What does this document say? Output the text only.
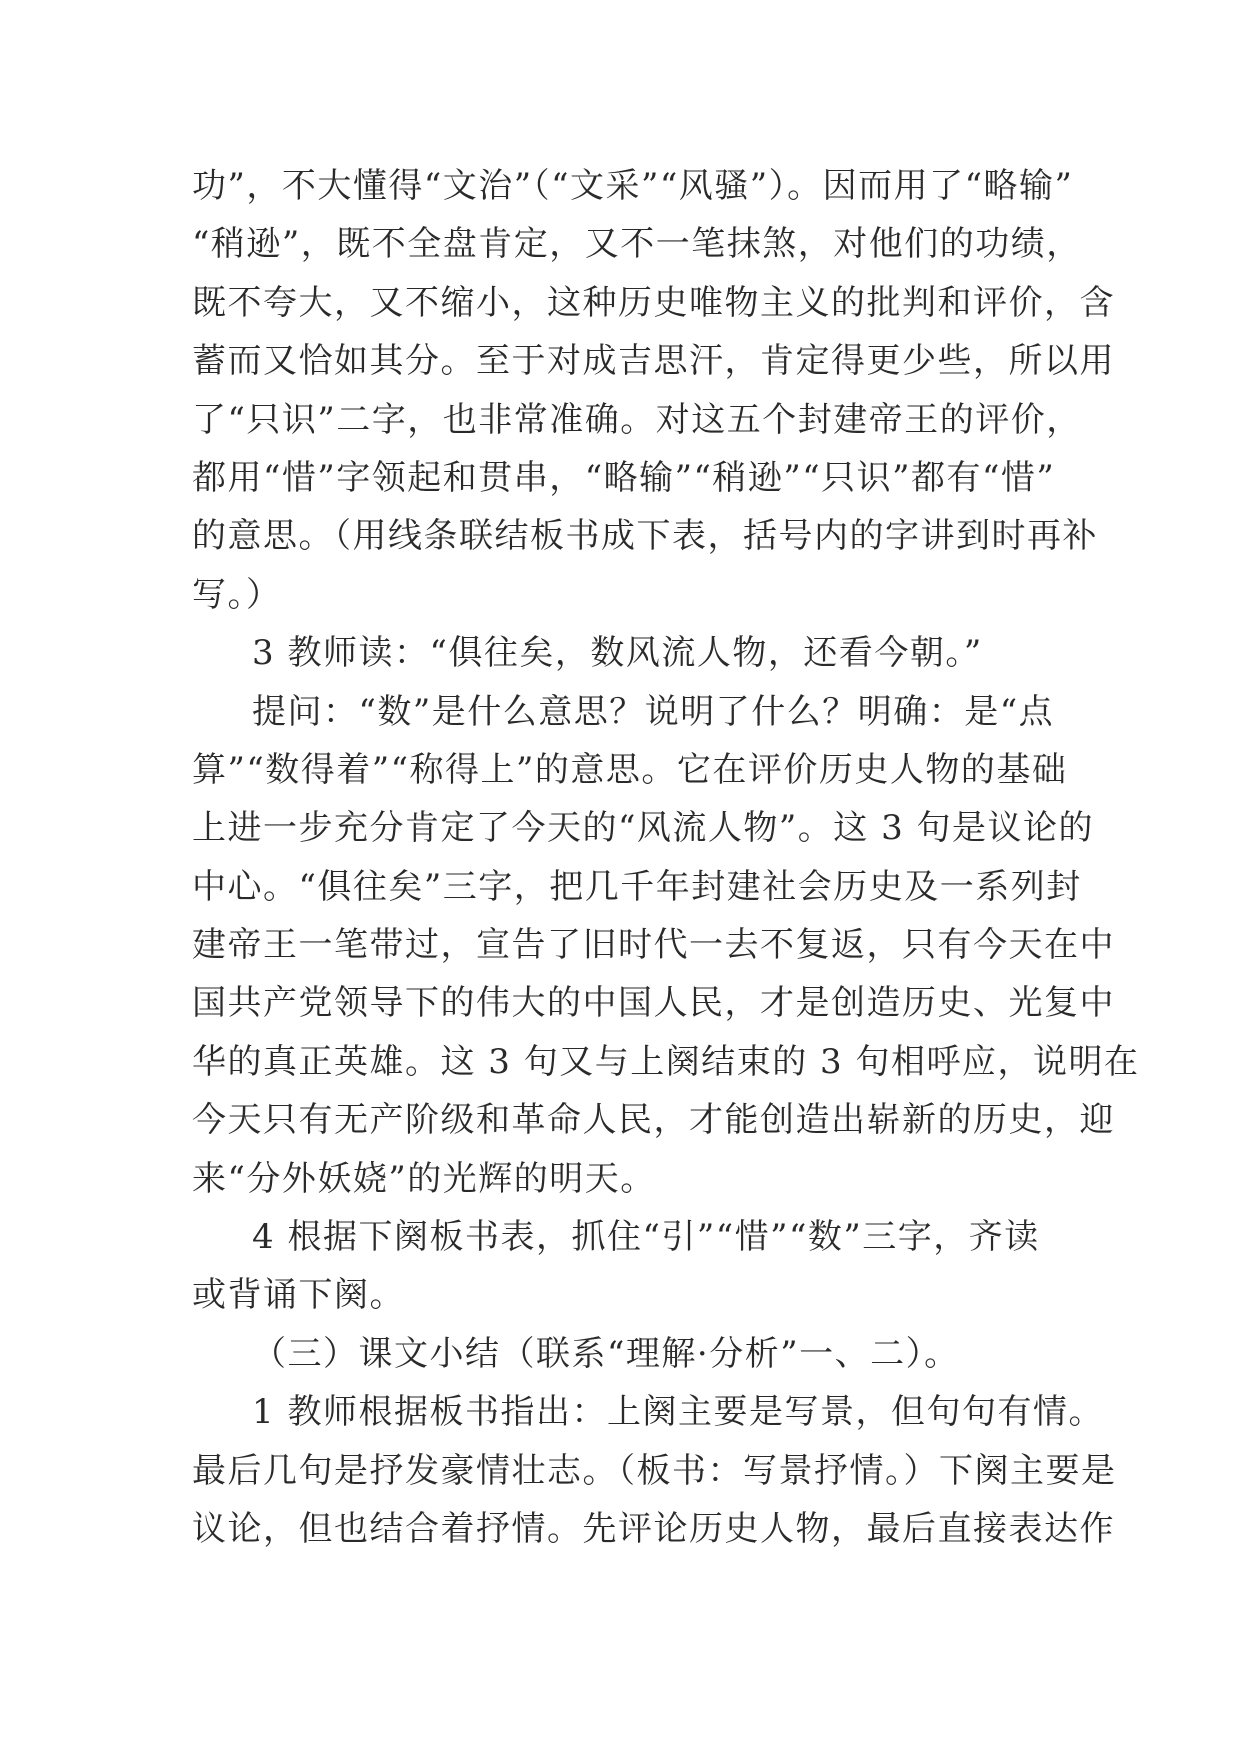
功”，不大懂得“文治”（“文采”“风骚”）。因而用了“略输”
“稍逊”，既不全盘肯定，又不一笔抹煞，对他们的功绩，
既不夸大，又不缩小，这种历史唯物主义的批判和评价，含
蓄而又恰如其分。至于对成吉思汗，肯定得更少些，所以用
了“只识”二字，也非常准确。对这五个封建帝王的评价，
都用“惜”字领起和贯串，“略输”“稍逊”“只识”都有“惜”
的意思。（用线条联结板书成下表，括号内的字讲到时再补
写。）
3 教师读：“俱往矣，数风流人物，还看今朝。”
提问：“数”是什么意思？说明了什么？明确：是“点
算”“数得着”“称得上”的意思。它在评价历史人物的基础
上进一步充分肯定了今天的“风流人物”。这 3 句是议论的
中心。“俱往矣”三字，把几千年封建社会历史及一系列封
建帝王一笔带过，宣告了旧时代一去不复返，只有今天在中
国共产党领导下的伟大的中国人民，才是创造历史、光复中
华的真正英雄。这 3 句又与上阕结束的 3 句相呼应，说明在
今天只有无产阶级和革命人民，才能创造出崭新的历史，迎
来“分外妖娆”的光辉的明天。
4 根据下阕板书表，抓住“引”“惜”“数”三字，齐读
或背诵下阕。
（三）课文小结（联系“理解·分析”一、二）。
1 教师根据板书指出：上阕主要是写景，但句句有情。
最后几句是抒发豪情壮志。（板书：写景抒情。）下阕主要是
议论，但也结合着抒情。先评论历史人物，最后直接表达作
